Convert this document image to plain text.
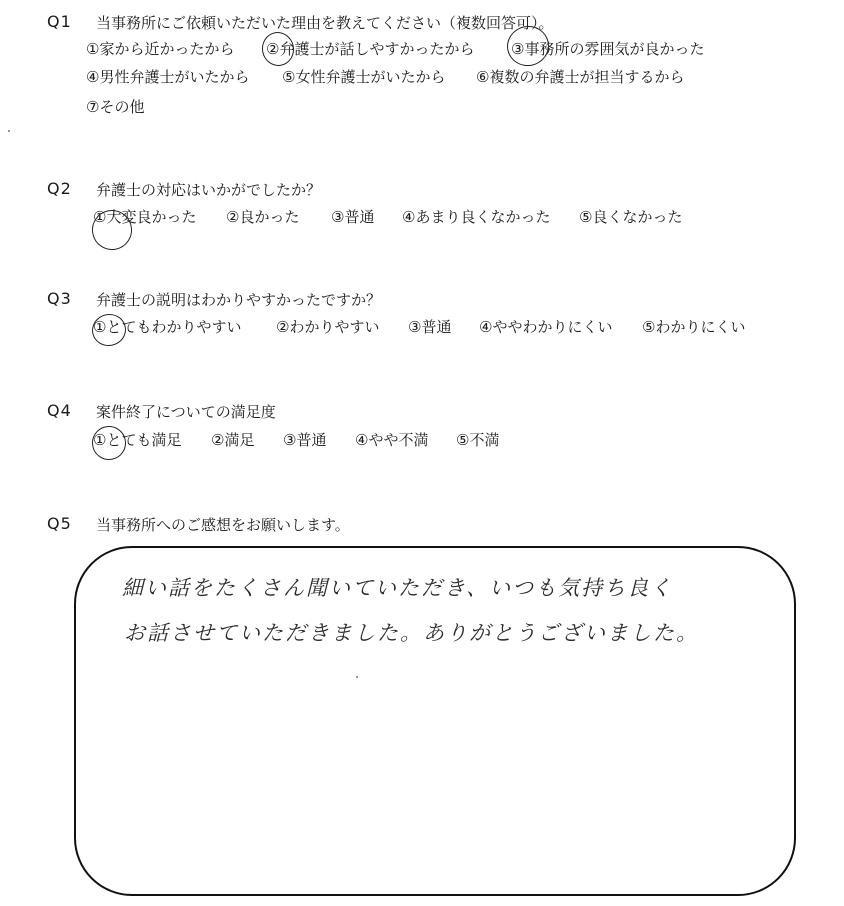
Q1 当事務所にご依頼いただいた理由を教えてください（複数回答可）。
①家から近かったから ②弁護士が話しやすかったから ③事務所の雰囲気が良かった
④男性弁護士がいたから ⑤女性弁護士がいたから ⑥複数の弁護士が担当するから
⑦その他
Q2 弁護士の対応はいかがでしたか？
①大変良かった ②良かった ③普通 ④あまり良くなかった ⑤良くなかった
Q3 弁護士の説明はわかりやすかったですか？
①とてもわかりやすい ②わかりやすい ③普通 ④ややわかりにくい ⑤わかりにくい
Q4 案件終了についての満足度
①とても満足 ②満足 ③普通 ④やや不満 ⑤不満
Q5 当事務所へのご感想をお願いします。
細い話をたくさん聞いていただき、いつも気持ち良く
お話させていただきました。ありがとうございました。
